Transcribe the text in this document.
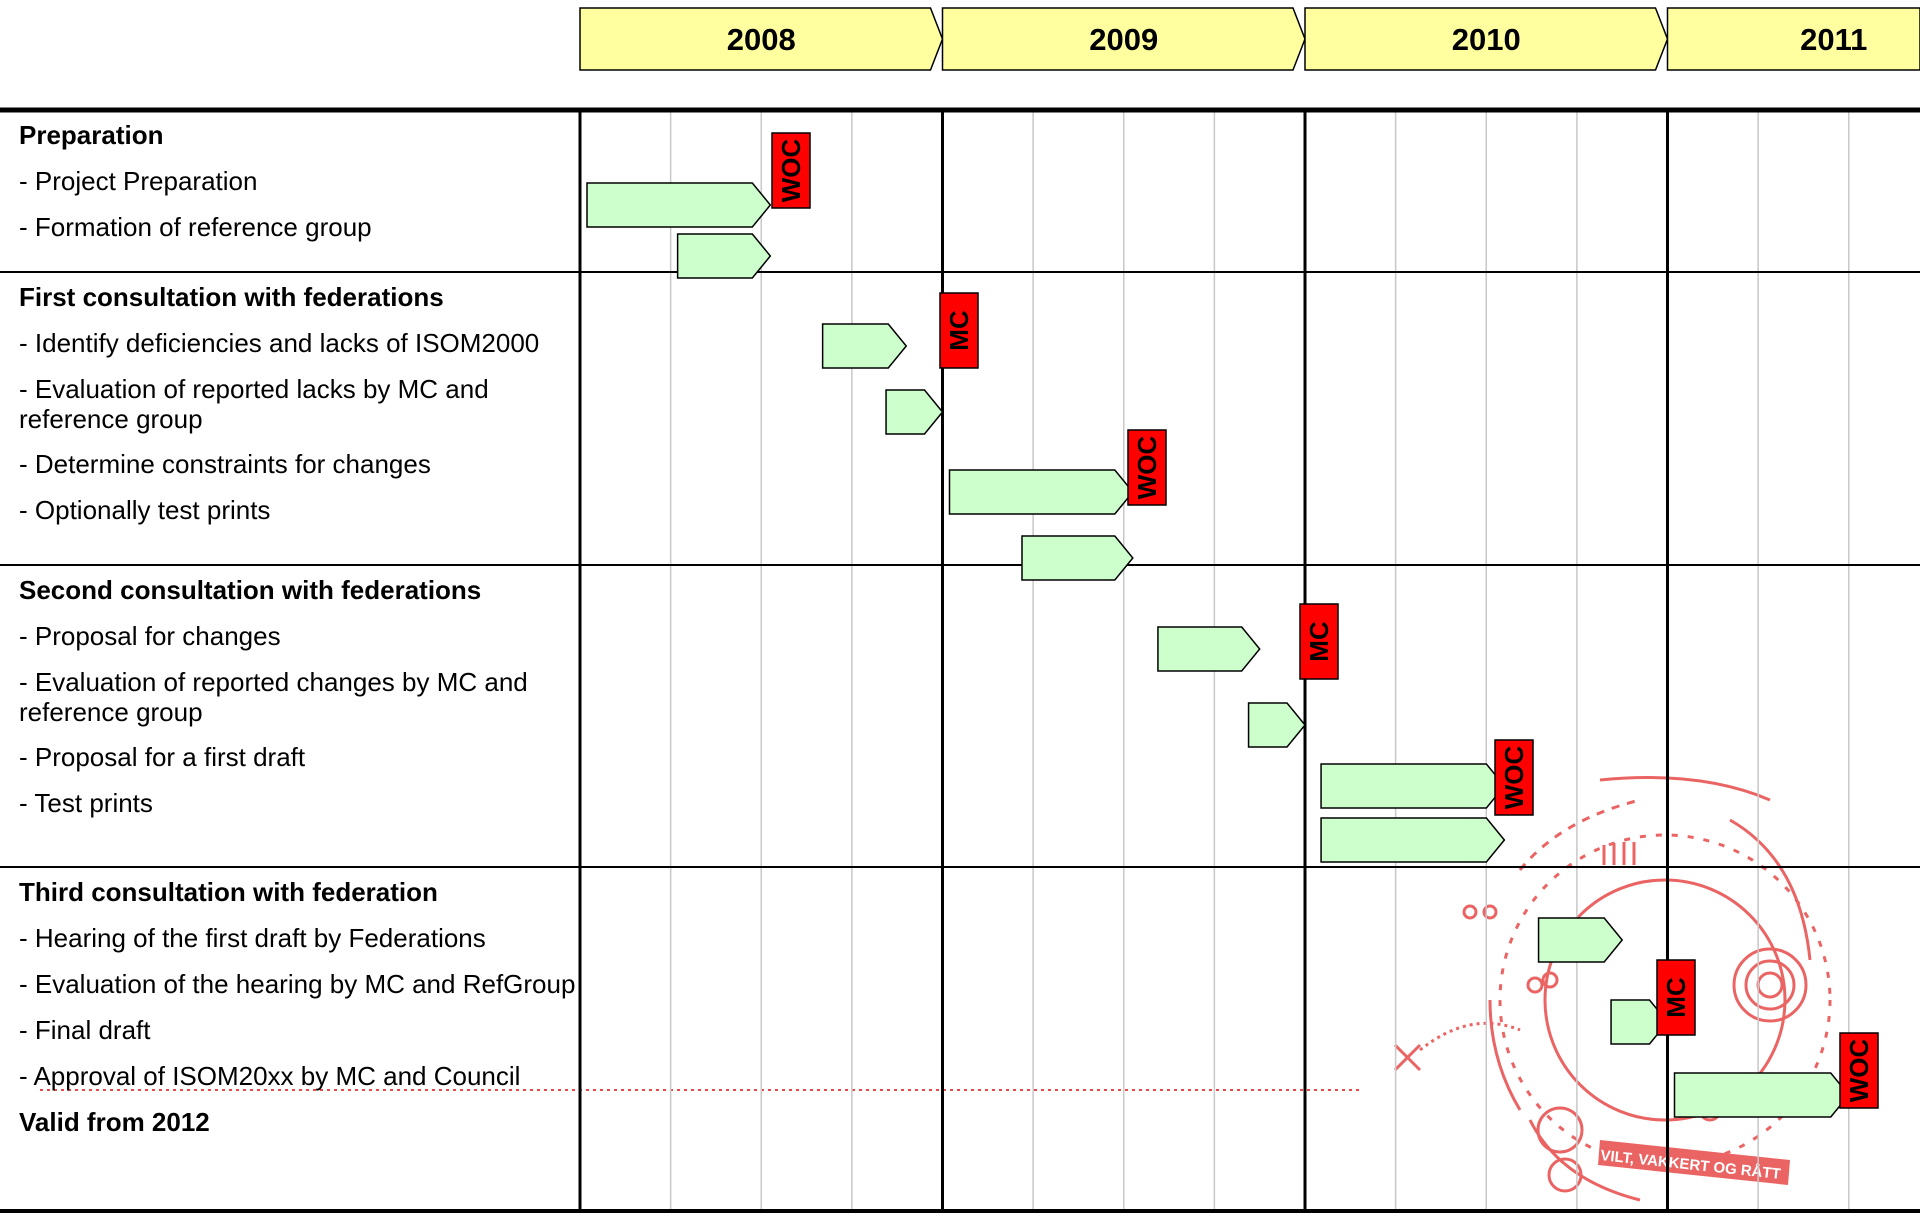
VILT, VAKKERT OG RÅTT
2008	2009	2010	2011
WOC
MC
WOC
MC
WOC
MC
WOC
Preparation
- Project Preparation
- Formation of reference group
First consultation with federations
- Identify deficiencies and lacks of ISOM2000
- Evaluation of reported lacks by MC and reference group
- Determine constraints for changes
- Optionally test prints
Second consultation with federations
- Proposal for changes
- Evaluation of reported changes by MC and reference group
- Proposal for a first draft
- Test prints
Third consultation with federation
- Hearing of the first draft by Federations
- Evaluation of the hearing by MC and RefGroup
- Final draft
- Approval of ISOM20xx by MC and Council
Valid from 2012
